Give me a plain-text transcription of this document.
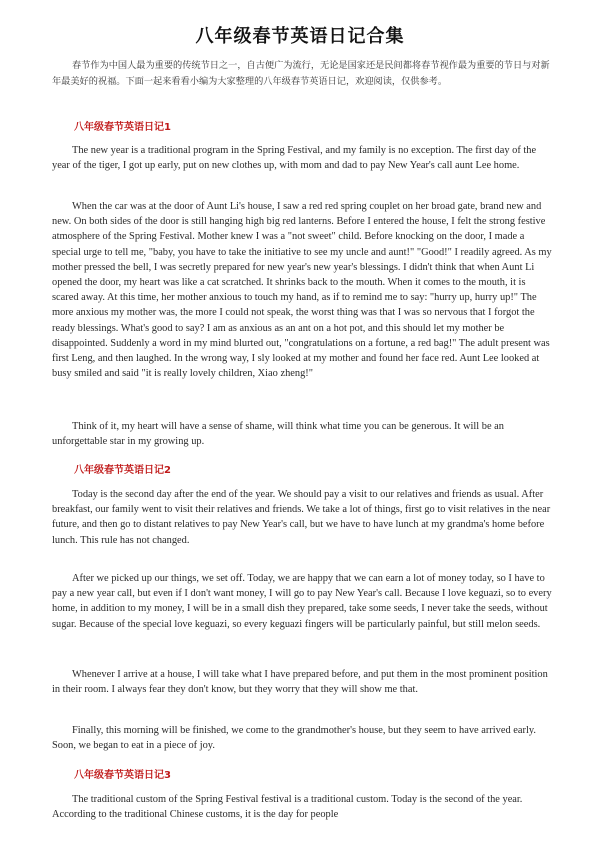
八年级春节英语日记合集
春节作为中国人最为重要的传统节日之一，自古便广为流行，无论是国家还是民间都将春节视作最为重要的节日与对新年最美好的祝福。下面一起来看看小编为大家整理的八年级春节英语日记，欢迎阅读，仅供参考。
八年级春节英语日记1

The new year is a traditional program in the Spring Festival, and my family is no exception. The first day of the year of the tiger, I got up early, put on new clothes up, with mom and dad to pay New Year's call aunt Lee home.

When the car was at the door of Aunt Li's house, I saw a red red spring couplet on her broad gate, brand new and new. On both sides of the door is still hanging high big red lanterns. Before I entered the house, I felt the strong festive atmosphere of the Spring Festival. Mother knew I was a "not sweet" child. Before knocking on the door, I made a special urge to tell me, "baby, you have to take the initiative to see my uncle and aunt!" "Good!" I readily agreed. As my mother pressed the bell, I was secretly prepared for new year's new year's blessings. I didn't think that when Aunt Li opened the door, my heart was like a cat scratched. It shrinks back to the mouth. When it comes to the mouth, it is scared away. At this time, her mother anxious to touch my hand, as if to remind me to say: "hurry up, hurry up!" The more anxious my mother was, the more I could not speak, the worst thing was that I was so nervous that I forgot the ready blessings. What's good to say? I am as anxious as an ant on a hot pot, and this should let my mother be disappointed. Suddenly a word in my mind blurted out, "congratulations on a fortune, a red bag!" The adult present was first Leng, and then laughed. In the wrong way, I sly looked at my mother and found her face red. Aunt Lee looked at busy smiled and said "it is really lovely children, Xiao zheng!"

Think of it, my heart will have a sense of shame, will think what time you can be generous. It will be an unforgettable star in my growing up.

八年级春节英语日记2

Today is the second day after the end of the year. We should pay a visit to our relatives and friends as usual. After breakfast, our family went to visit their relatives and friends. We take a lot of things, first go to visit relatives in the near future, and then go to distant relatives to pay New Year's call, but we have to have lunch at my grandma's home before lunch. This rule has not changed.

After we picked up our things, we set off. Today, we are happy that we can earn a lot of money today, so I have to pay a new year call, but even if I don't want money, I will go to pay New Year's call. Because I love keguazi, so to every home, in addition to my money, I will be in a small dish they prepared, take some seeds, I never take the seeds, without sugar. Because of the special love keguazi, so every keguazi fingers will be particularly painful, but still melon seeds.

Whenever I arrive at a house, I will take what I have prepared before, and put them in the most prominent position in their room. I always fear they don't know, but they worry that they will show me that.

Finally, this morning will be finished, we come to the grandmother's house, but they seem to have arrived early. Soon, we began to eat in a piece of joy.

八年级春节英语日记3

The traditional custom of the Spring Festival festival is a traditional custom. Today is the second of the year. According to the traditional Chinese customs, it is the day for people
